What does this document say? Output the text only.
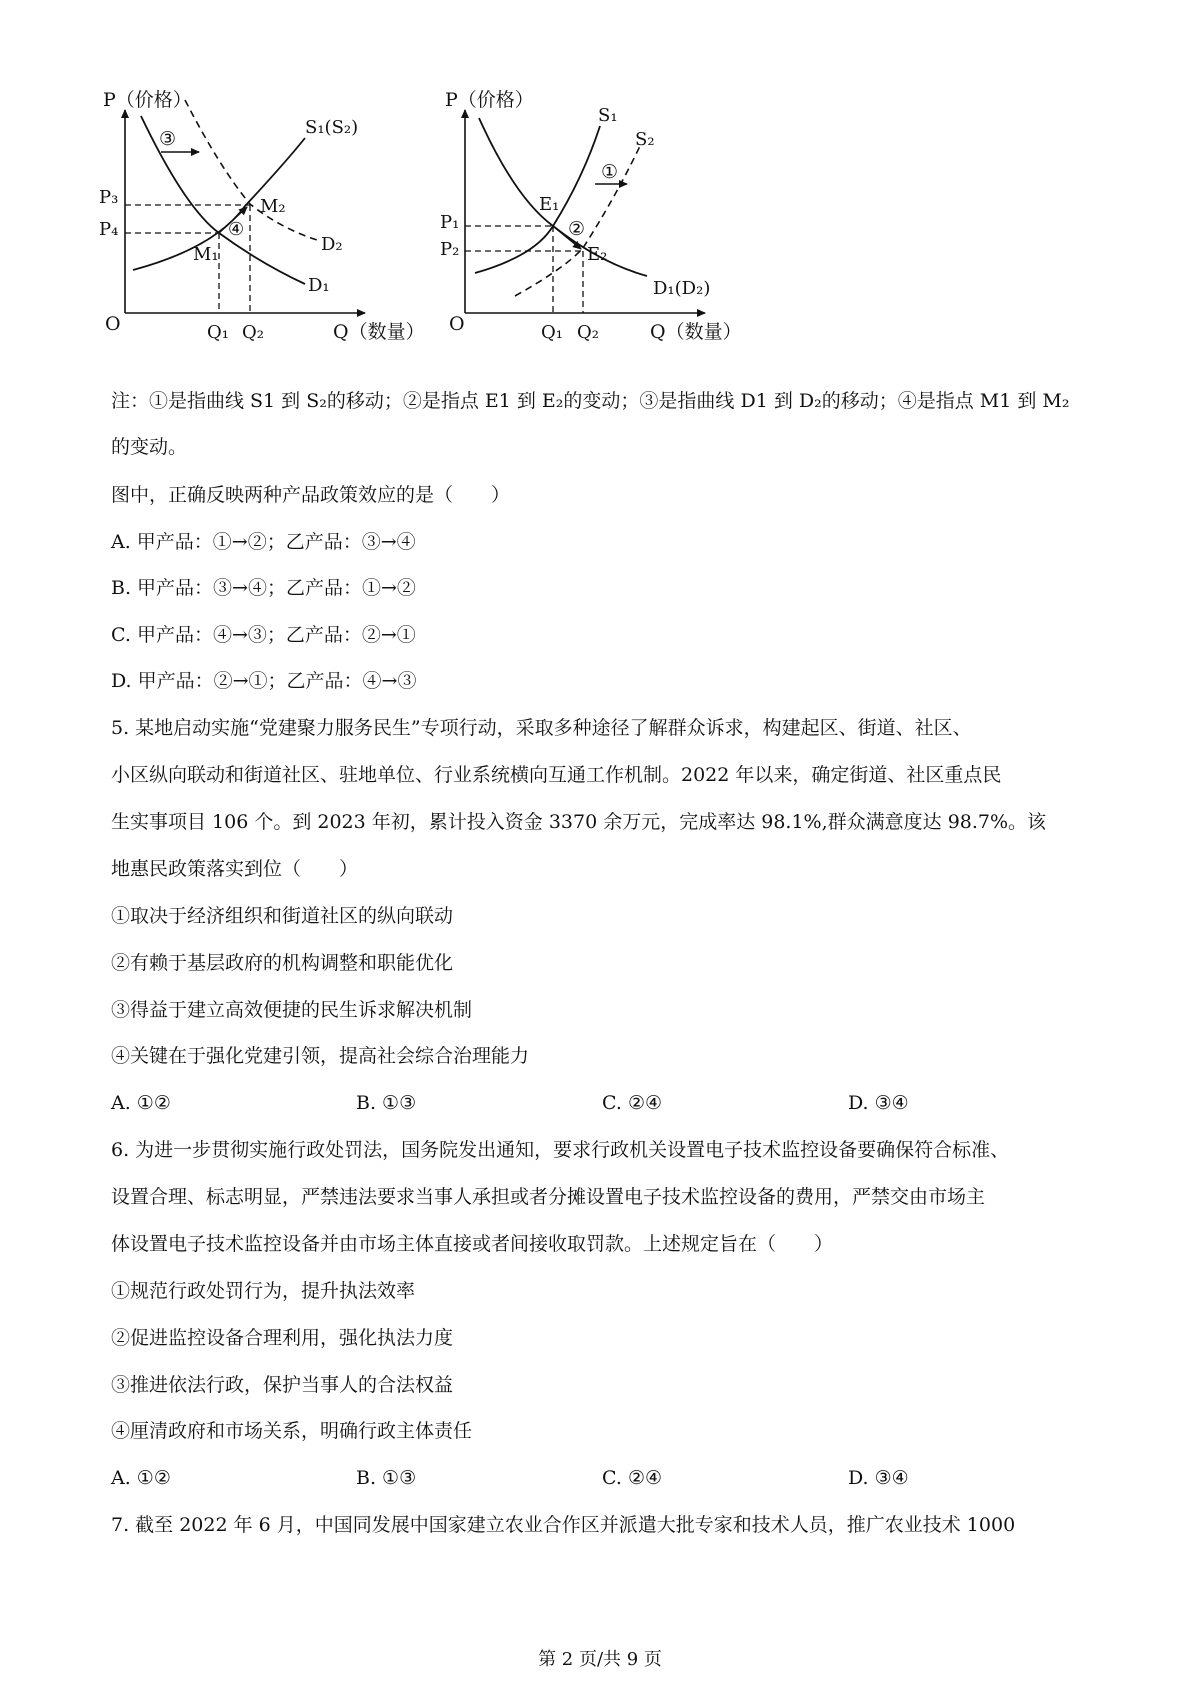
P（价格）
Q（数量）
O
S₁(S₂)
D₁
D₂
P₃
P₄
Q₁ Q₂
③
④
M₁
M₂
P（价格）
Q（数量）
O
D₁(D₂)
S₁
S₂
P₁
P₂
Q₁ Q₂
①
②
E₁
E₂
注：①是指曲线 S1 到 S₂的移动；②是指点 E1 到 E₂的变动；③是指曲线 D1 到 D₂的移动；④是指点 M1 到 M₂
的变动。
图中，正确反映两种产品政策效应的是（　　）
A. 甲产品：①→②；乙产品：③→④
B. 甲产品：③→④；乙产品：①→②
C. 甲产品：④→③；乙产品：②→①
D. 甲产品：②→①；乙产品：④→③
5. 某地启动实施“党建聚力服务民生”专项行动，采取多种途径了解群众诉求，构建起区、街道、社区、
小区纵向联动和街道社区、驻地单位、行业系统横向互通工作机制。2022 年以来，确定街道、社区重点民
生实事项目 106 个。到 2023 年初，累计投入资金 3370 余万元，完成率达 98.1%,群众满意度达 98.7%。该
地惠民政策落实到位（　　）
①取决于经济组织和街道社区的纵向联动
②有赖于基层政府的机构调整和职能优化
③得益于建立高效便捷的民生诉求解决机制
④关键在于强化党建引领，提高社会综合治理能力
A. ①②	B. ①③	C. ②④	D. ③④
6. 为进一步贯彻实施行政处罚法，国务院发出通知，要求行政机关设置电子技术监控设备要确保符合标准、
设置合理、标志明显，严禁违法要求当事人承担或者分摊设置电子技术监控设备的费用，严禁交由市场主
体设置电子技术监控设备并由市场主体直接或者间接收取罚款。上述规定旨在（　　）
①规范行政处罚行为，提升执法效率
②促进监控设备合理利用，强化执法力度
③推进依法行政，保护当事人的合法权益
④厘清政府和市场关系，明确行政主体责任
A. ①②	B. ①③	C. ②④	D. ③④
7. 截至 2022 年 6 月，中国同发展中国家建立农业合作区并派遣大批专家和技术人员，推广农业技术 1000
第 2 页/共 9 页
